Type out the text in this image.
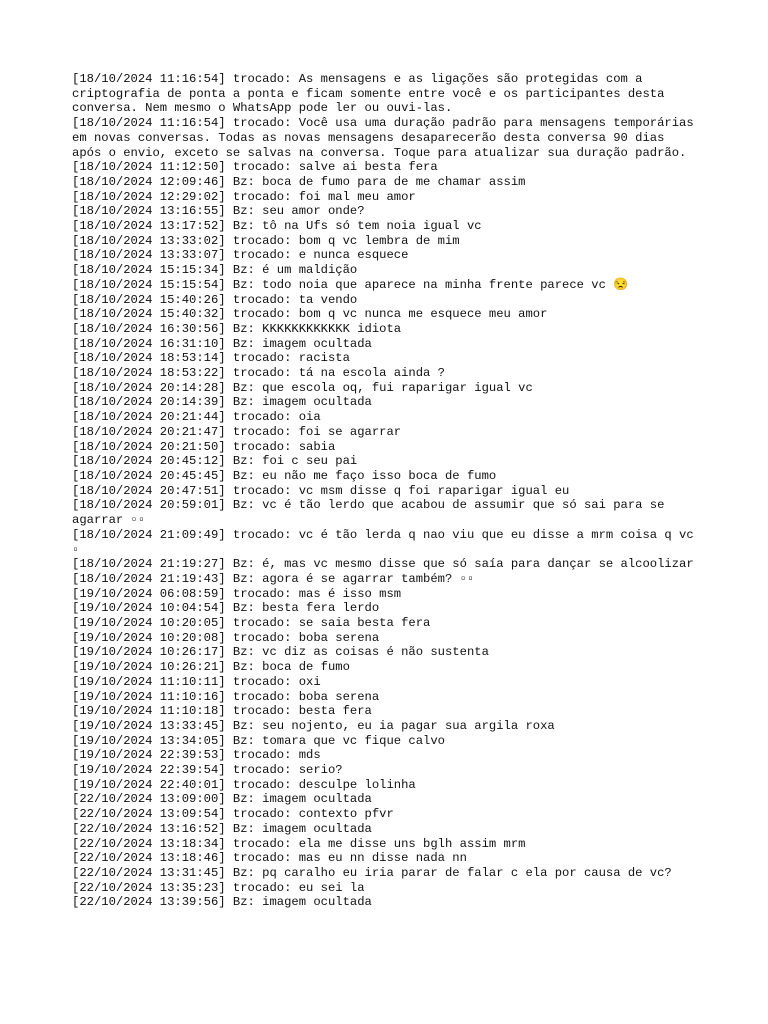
[18/10/2024 11:16:54] trocado: As mensagens e as ligações são protegidas com a criptografia de ponta a ponta e ficam somente entre você e os participantes desta conversa. Nem mesmo o WhatsApp pode ler ou ouvi-las.
[18/10/2024 11:16:54] trocado: Você usa uma duração padrão para mensagens temporárias em novas conversas. Todas as novas mensagens desaparecerão desta conversa 90 dias após o envio, exceto se salvas na conversa. Toque para atualizar sua duração padrão.
[18/10/2024 11:12:50] trocado: salve ai besta fera
[18/10/2024 12:09:46] Bz: boca de fumo para de me chamar assim
[18/10/2024 12:29:02] trocado: foi mal meu amor
[18/10/2024 13:16:55] Bz: seu amor onde?
[18/10/2024 13:17:52] Bz: tô na Ufs só tem noia igual vc
[18/10/2024 13:33:02] trocado: bom q vc lembra de mim
[18/10/2024 13:33:07] trocado: e nunca esquece
[18/10/2024 15:15:34] Bz: é um maldição
[18/10/2024 15:15:54] Bz: todo noia que aparece na minha frente parece vc 😒
[18/10/2024 15:40:26] trocado: ta vendo
[18/10/2024 15:40:32] trocado: bom q vc nunca me esquece meu amor
[18/10/2024 16:30:56] Bz: KKKKKKKKKKKK idiota
[18/10/2024 16:31:10] Bz: imagem ocultada
[18/10/2024 18:53:14] trocado: racista
[18/10/2024 18:53:22] trocado: tá na escola ainda ?
[18/10/2024 20:14:28] Bz: que escola oq, fui raparigar igual vc
[18/10/2024 20:14:39] Bz: imagem ocultada
[18/10/2024 20:21:44] trocado: oia
[18/10/2024 20:21:47] trocado: foi se agarrar
[18/10/2024 20:21:50] trocado: sabia
[18/10/2024 20:45:12] Bz: foi c seu pai
[18/10/2024 20:45:45] Bz: eu não me faço isso boca de fumo
[18/10/2024 20:47:51] trocado: vc msm disse q foi raparigar igual eu
[18/10/2024 20:59:01] Bz: vc é tão lerdo que acabou de assumir que só sai para se agarrar ▫▫
[18/10/2024 21:09:49] trocado: vc é tão lerda q nao viu que eu disse a mrm coisa q vc ▫
[18/10/2024 21:19:27] Bz: é, mas vc mesmo disse que só saía para dançar se alcoolizar
[18/10/2024 21:19:43] Bz: agora é se agarrar também? ▫▫
[19/10/2024 06:08:59] trocado: mas é isso msm
[19/10/2024 10:04:54] Bz: besta fera lerdo
[19/10/2024 10:20:05] trocado: se saia besta fera
[19/10/2024 10:20:08] trocado: boba serena
[19/10/2024 10:26:17] Bz: vc diz as coisas é não sustenta
[19/10/2024 10:26:21] Bz: boca de fumo
[19/10/2024 11:10:11] trocado: oxi
[19/10/2024 11:10:16] trocado: boba serena
[19/10/2024 11:10:18] trocado: besta fera
[19/10/2024 13:33:45] Bz: seu nojento, eu ia pagar sua argila roxa
[19/10/2024 13:34:05] Bz: tomara que vc fique calvo
[19/10/2024 22:39:53] trocado: mds
[19/10/2024 22:39:54] trocado: serio?
[19/10/2024 22:40:01] trocado: desculpe lolinha
[22/10/2024 13:09:00] Bz: imagem ocultada
[22/10/2024 13:09:54] trocado: contexto pfvr
[22/10/2024 13:16:52] Bz: imagem ocultada
[22/10/2024 13:18:34] trocado: ela me disse uns bglh assim mrm
[22/10/2024 13:18:46] trocado: mas eu nn disse nada nn
[22/10/2024 13:31:45] Bz: pq caralho eu iria parar de falar c ela por causa de vc?
[22/10/2024 13:35:23] trocado: eu sei la
[22/10/2024 13:39:56] Bz: imagem ocultada
